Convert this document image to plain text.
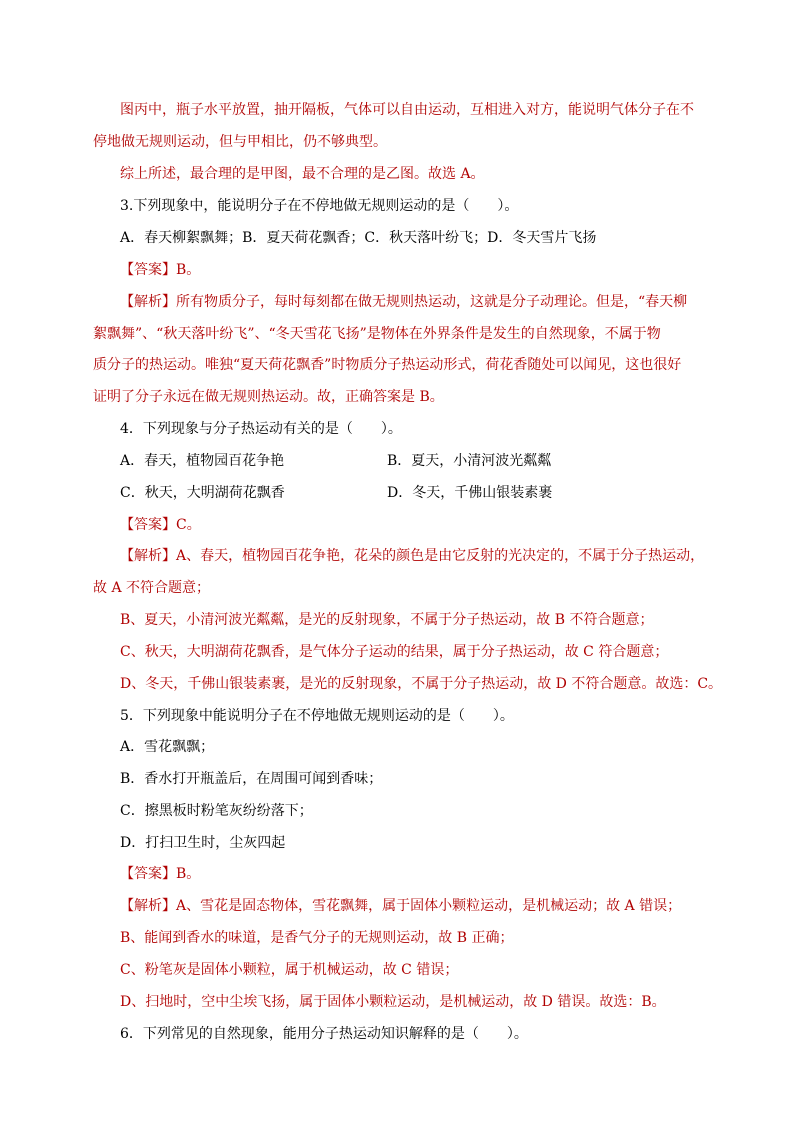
图丙中，瓶子水平放置，抽开隔板，气体可以自由运动，互相进入对方，能说明气体分子在不
停地做无规则运动，但与甲相比，仍不够典型。
综上所述，最合理的是甲图，最不合理的是乙图。故选 A。
3.下列现象中，能说明分子在不停地做无规则运动的是（　　）。
A．春天柳絮飘舞；B．夏天荷花飘香；C．秋天落叶纷飞；D．冬天雪片飞扬
【答案】B。
【解析】所有物质分子，每时每刻都在做无规则热运动，这就是分子动理论。但是，“春天柳
絮飘舞”、“秋天落叶纷飞”、“冬天雪花飞扬”是物体在外界条件是发生的自然现象，不属于物
质分子的热运动。唯独“夏天荷花飘香”时物质分子热运动形式，荷花香随处可以闻见，这也很好
证明了分子永远在做无规则热运动。故，正确答案是 B。
4．下列现象与分子热运动有关的是（　　）。
A．春天，植物园百花争艳	B．夏天，小清河波光粼粼
C．秋天，大明湖荷花飘香	D．冬天，千佛山银装素裹
【答案】C。
【解析】A、春天，植物园百花争艳，花朵的颜色是由它反射的光决定的，不属于分子热运动，
故 A 不符合题意；
B、夏天，小清河波光粼粼，是光的反射现象，不属于分子热运动，故 B 不符合题意；
C、秋天，大明湖荷花飘香，是气体分子运动的结果，属于分子热运动，故 C 符合题意；
D、冬天，千佛山银装素裹，是光的反射现象，不属于分子热运动，故 D 不符合题意。故选：C。
5．下列现象中能说明分子在不停地做无规则运动的是（　　）。
A．雪花飘飘；
B．香水打开瓶盖后，在周围可闻到香味；
C．擦黑板时粉笔灰纷纷落下；
D．打扫卫生时，尘灰四起
【答案】B。
【解析】A、雪花是固态物体，雪花飘舞，属于固体小颗粒运动，是机械运动；故 A 错误；
B、能闻到香水的味道，是香气分子的无规则运动，故 B 正确；
C、粉笔灰是固体小颗粒，属于机械运动，故 C 错误；
D、扫地时，空中尘埃飞扬，属于固体小颗粒运动，是机械运动，故 D 错误。故选：B。
6．下列常见的自然现象，能用分子热运动知识解释的是（　　）。
